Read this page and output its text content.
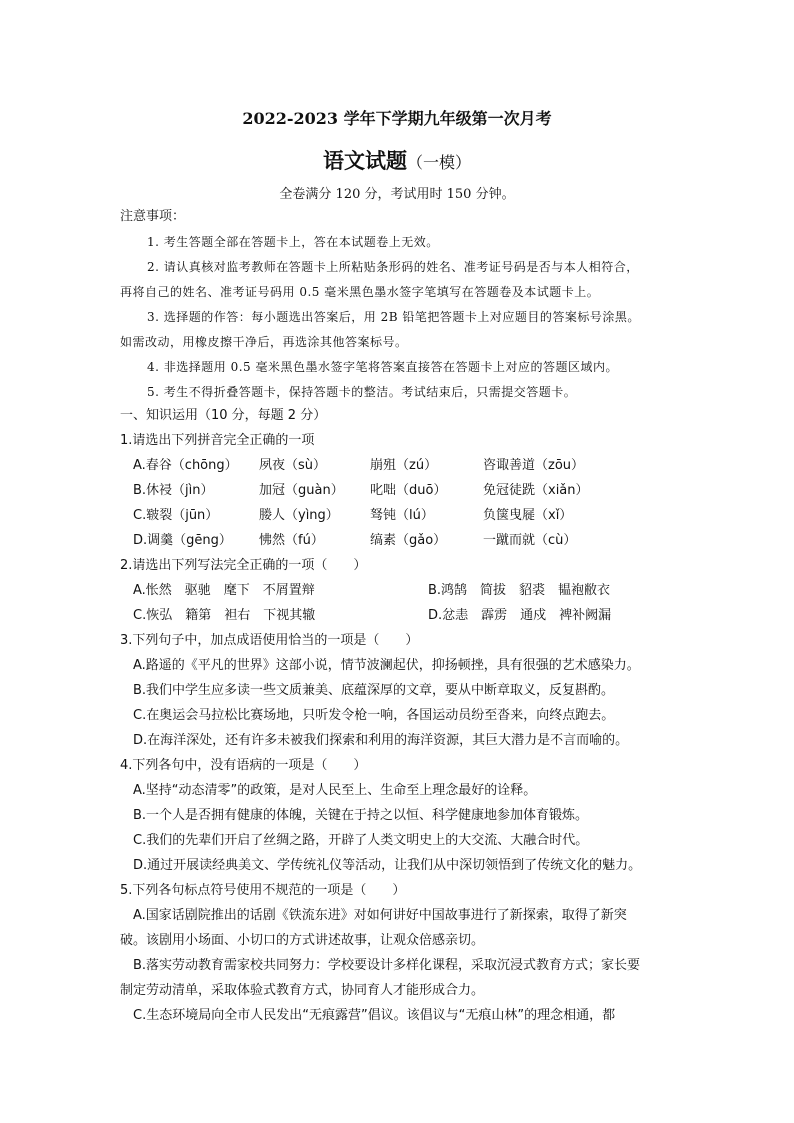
2022-2023 学年下学期九年级第一次月考
语文试题（一模）
全卷满分 120 分，考试用时 150 分钟。
注意事项：
1. 考生答题全部在答题卡上，答在本试题卷上无效。
2. 请认真核对监考教师在答题卡上所粘贴条形码的姓名、准考证号码是否与本人相符合，
再将自己的姓名、准考证号码用 0.5 毫米黑色墨水签字笔填写在答题卷及本试题卡上。
3. 选择题的作答：每小题选出答案后，用 2B 铅笔把答题卡上对应题目的答案标号涂黑。
如需改动，用橡皮擦干净后，再选涂其他答案标号。
4. 非选择题用 0.5 毫米黑色墨水签字笔将答案直接答在答题卡上对应的答题区域内。
5. 考生不得折叠答题卡，保持答题卡的整洁。考试结束后，只需提交答题卡。
一、知识运用（10 分，每题 2 分）
1.请选出下列拼音完全正确的一项
A.春谷（chōng） 夙夜（sù）	崩殂（zú）	咨诹善道（zōu）
B.休祲（jìn）	加冠（guàn） 叱咄（duō）	免冠徒跣（xiǎn）
C.皲裂（jūn）	媵人（yìng） 驽钝（lú）	负箧曳屣（xǐ）
D.调羹（gēng） 怫然（fú）	缟素（gǎo）	一蹴而就（cù）
2.请选出下列写法完全正确的一项（　　）
A.怅然　驱驰　麾下　不屑置辩	B.鸿鹄　简拔　貂裘　韫袍敝衣
C.恢弘　籍第　袒右　下视其辙	D.忿恚　霹雳　通戍　裨补阙漏
3.下列句子中，加点成语使用恰当的一项是（　　）
A.路遥的《平凡的世界》这部小说，情节波澜起伏，抑扬顿挫，具有很强的艺术感染力。
B.我们中学生应多读一些文质兼美、底蕴深厚的文章，要从中断章取义，反复斟酌。
C.在奥运会马拉松比赛场地，只听发令枪一响，各国运动员纷至沓来，向终点跑去。
D.在海洋深处，还有许多未被我们探索和利用的海洋资源，其巨大潜力是不言而喻的。
4.下列各句中，没有语病的一项是（　　）
A.坚持“动态清零”的政策，是对人民至上、生命至上理念最好的诠释。
B.一个人是否拥有健康的体魄，关键在于持之以恒、科学健康地参加体育锻炼。
C.我们的先辈们开启了丝绸之路，开辟了人类文明史上的大交流、大融合时代。
D.通过开展读经典美文、学传统礼仪等活动，让我们从中深切领悟到了传统文化的魅力。
5.下列各句标点符号使用不规范的一项是（　　）
A.国家话剧院推出的话剧《铁流东进》对如何讲好中国故事进行了新探索，取得了新突
破。该剧用小场面、小切口的方式讲述故事，让观众倍感亲切。
B.落实劳动教育需家校共同努力：学校要设计多样化课程，采取沉浸式教育方式；家长要
制定劳动清单，采取体验式教育方式，协同育人才能形成合力。
C.生态环境局向全市人民发出“无痕露营”倡议。该倡议与“无痕山林”的理念相通，都
